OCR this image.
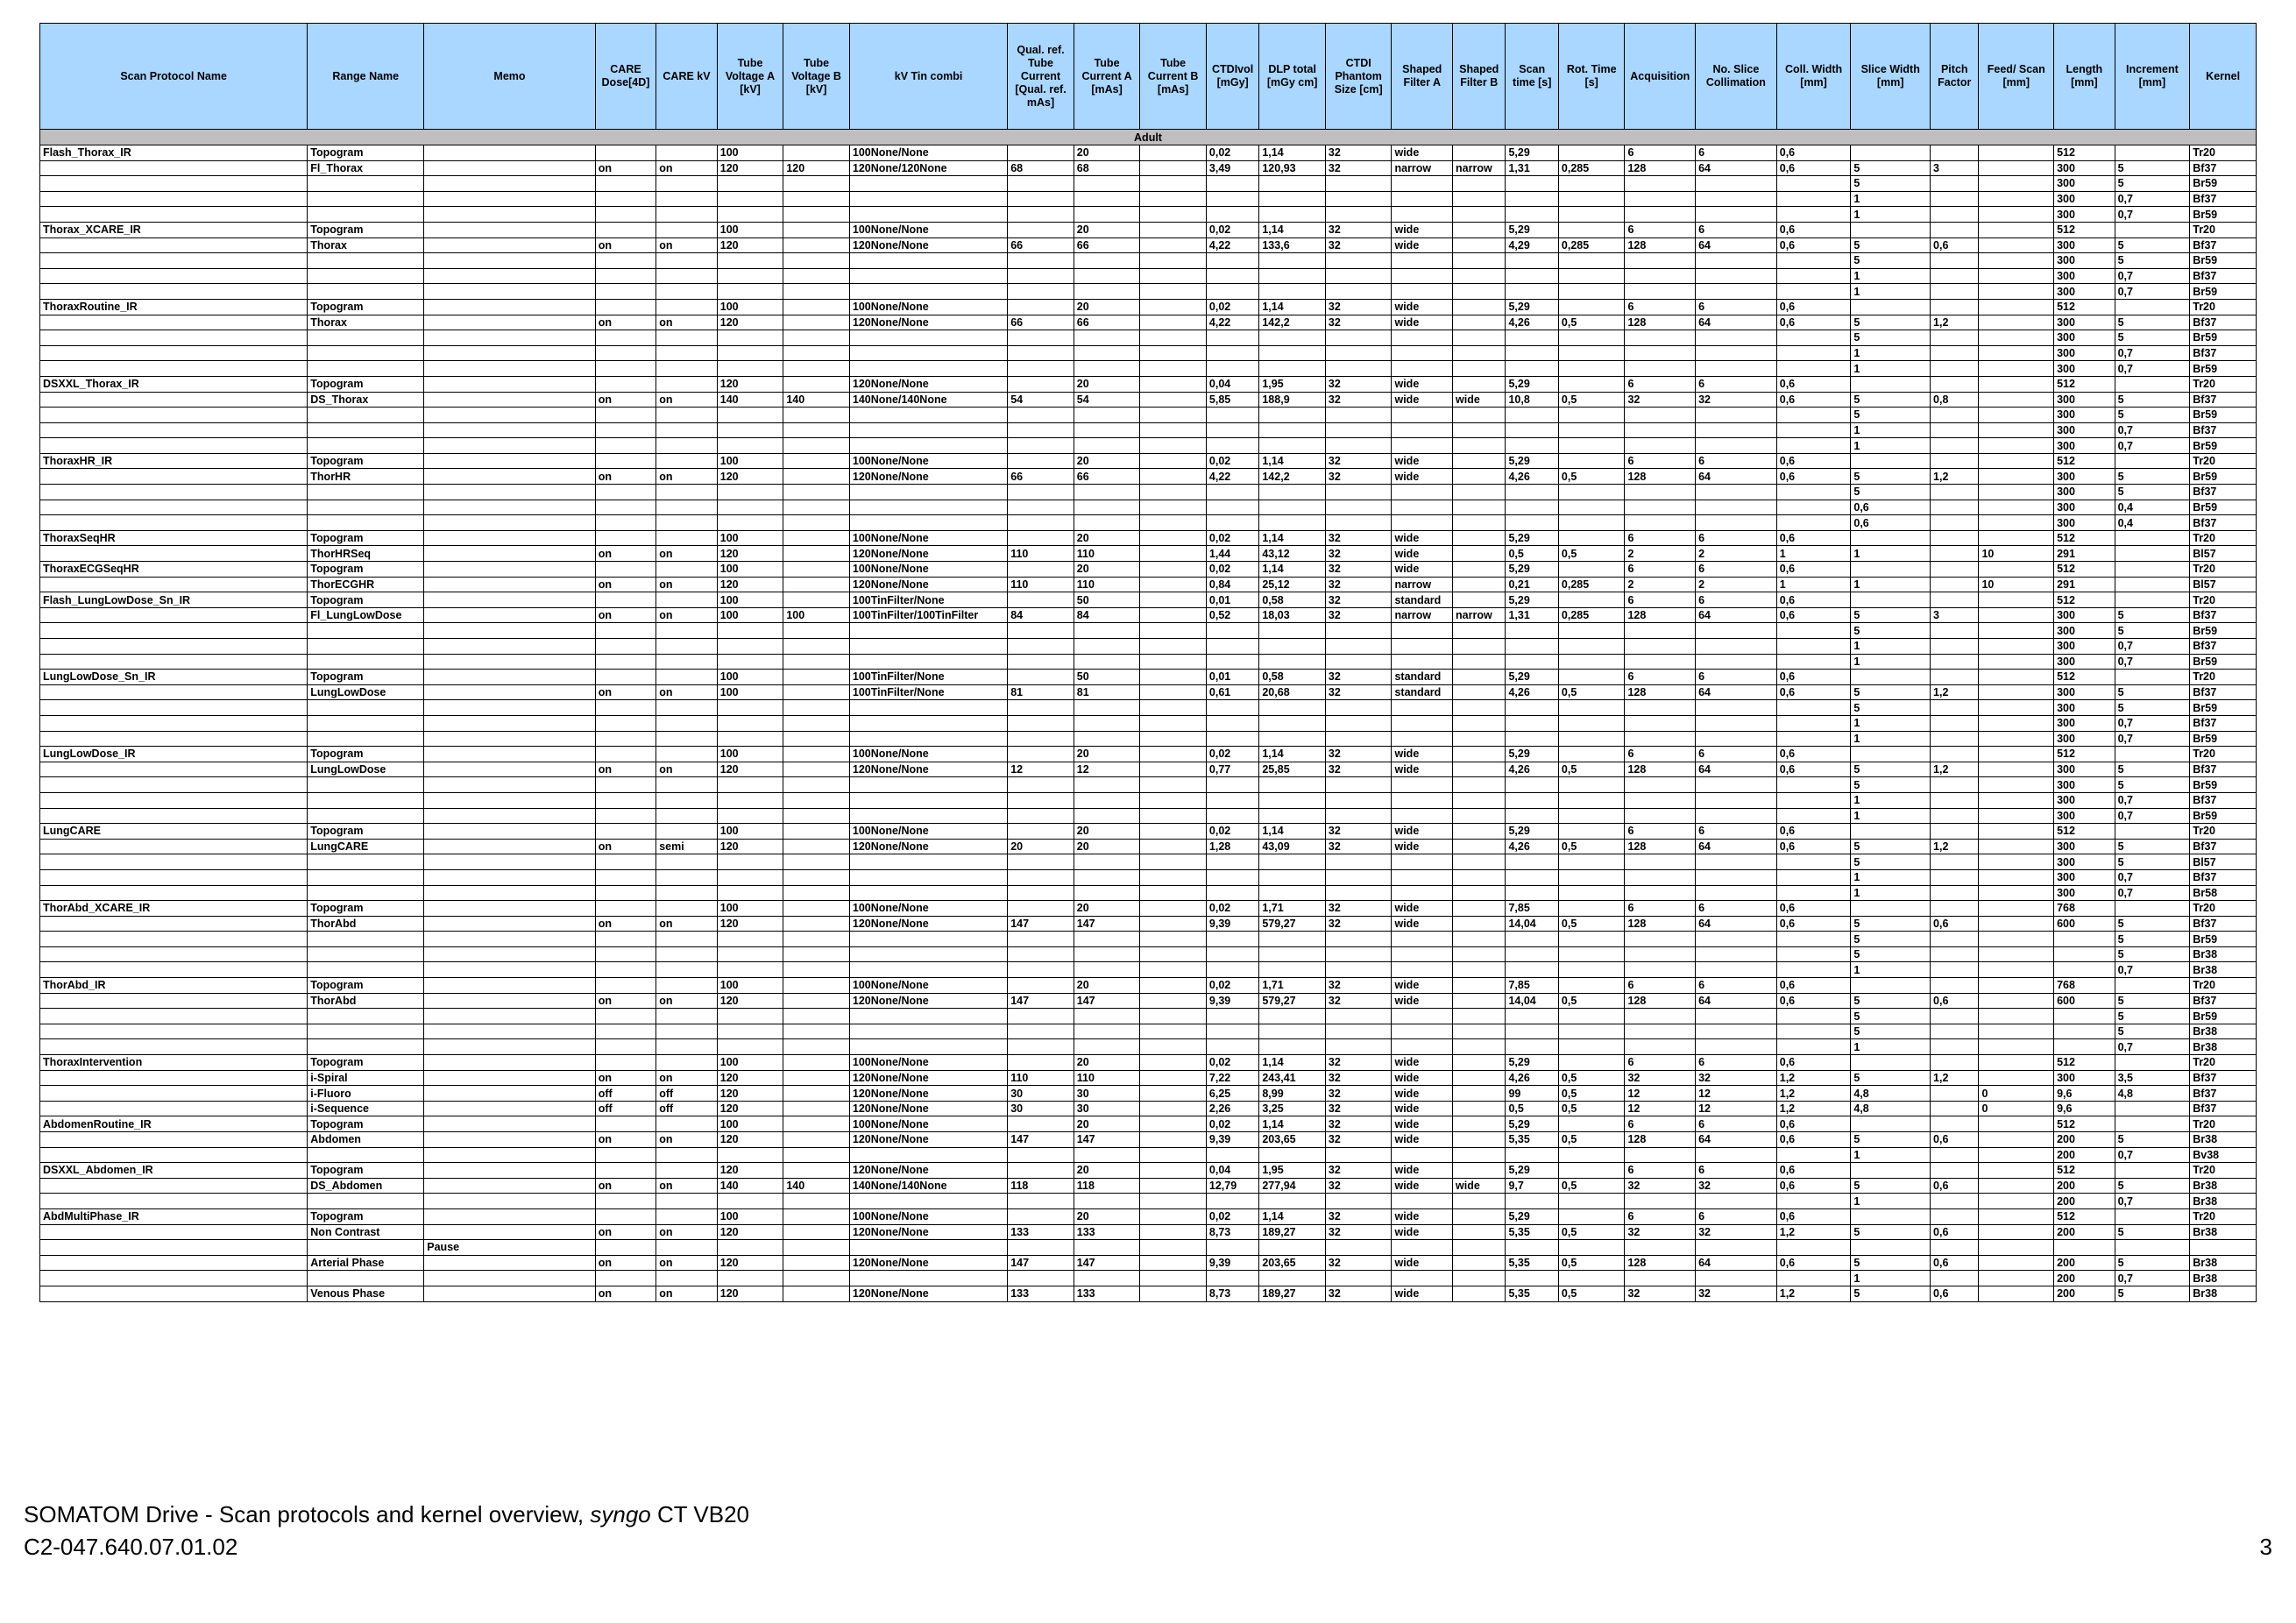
Scan Protocol Name	Range Name	Memo	CARE Dose[4D]	CARE kV	Tube Voltage A [kV]	Tube Voltage B [kV]	kV Tin combi	Qual. ref. Tube Current [Qual. ref. mAs]	Tube Current A [mAs]	Tube Current B [mAs]	CTDIvol [mGy]	DLP total [mGy cm]	CTDI Phantom Size [cm]	Shaped Filter A	Shaped Filter B	Scan time [s]	Rot. Time [s]	Acquisition	No. Slice Collimation	Coll. Width [mm]	Slice Width [mm]	Pitch Factor	Feed/ Scan [mm]	Length [mm]	Increment [mm]	Kernel
Adult																										
Flash_Thorax_IR	Topogram				100		100None/None		20		0,02	1,14	32	wide		5,29		6	6	0,6				512		Tr20
	Fl_Thorax		on	on	120	120	120None/120None	68	68		3,49	120,93	32	narrow	narrow	1,31	0,285	128	64	0,6	5	3		300	5	Bf37
																					5			300	5	Br59
																					1			300	0,7	Bf37
																					1			300	0,7	Br59
Thorax_XCARE_IR	Topogram				100		100None/None		20		0,02	1,14	32	wide		5,29		6	6	0,6				512		Tr20
	Thorax		on	on	120		120None/None	66	66		4,22	133,6	32	wide		4,29	0,285	128	64	0,6	5	0,6		300	5	Bf37
																					5			300	5	Br59
																					1			300	0,7	Bf37
																					1			300	0,7	Br59
ThoraxRoutine_IR	Topogram				100		100None/None		20		0,02	1,14	32	wide		5,29		6	6	0,6				512		Tr20
	Thorax		on	on	120		120None/None	66	66		4,22	142,2	32	wide		4,26	0,5	128	64	0,6	5	1,2		300	5	Bf37
																					5			300	5	Br59
																					1			300	0,7	Bf37
																					1			300	0,7	Br59
DSXXL_Thorax_IR	Topogram				120		120None/None		20		0,04	1,95	32	wide		5,29		6	6	0,6				512		Tr20
	DS_Thorax		on	on	140	140	140None/140None	54	54		5,85	188,9	32	wide	wide	10,8	0,5	32	32	0,6	5	0,8		300	5	Bf37
																					5			300	5	Br59
																					1			300	0,7	Bf37
																					1			300	0,7	Br59
ThoraxHR_IR	Topogram				100		100None/None		20		0,02	1,14	32	wide		5,29		6	6	0,6				512		Tr20
	ThorHR		on	on	120		120None/None	66	66		4,22	142,2	32	wide		4,26	0,5	128	64	0,6	5	1,2		300	5	Br59
																					5			300	5	Bf37
																					0,6			300	0,4	Br59
																					0,6			300	0,4	Bf37
ThoraxSeqHR	Topogram				100		100None/None		20		0,02	1,14	32	wide		5,29		6	6	0,6				512		Tr20
	ThorHRSeq		on	on	120		120None/None	110	110		1,44	43,12	32	wide		0,5	0,5	2	2	1	1		10	291		Bl57
ThoraxECGSeqHR	Topogram				100		100None/None		20		0,02	1,14	32	wide		5,29		6	6	0,6				512		Tr20
	ThorECGHR		on	on	120		120None/None	110	110		0,84	25,12	32	narrow		0,21	0,285	2	2	1	1		10	291		Bl57
Flash_LungLowDose_Sn_IR	Topogram				100		100TinFilter/None		50		0,01	0,58	32	standard		5,29		6	6	0,6				512		Tr20
	Fl_LungLowDose		on	on	100	100	100TinFilter/100TinFilter	84	84		0,52	18,03	32	narrow	narrow	1,31	0,285	128	64	0,6	5	3		300	5	Bf37
																					5			300	5	Br59
																					1			300	0,7	Bf37
																					1			300	0,7	Br59
LungLowDose_Sn_IR	Topogram				100		100TinFilter/None		50		0,01	0,58	32	standard		5,29		6	6	0,6				512		Tr20
	LungLowDose		on	on	100		100TinFilter/None	81	81		0,61	20,68	32	standard		4,26	0,5	128	64	0,6	5	1,2		300	5	Bf37
																					5			300	5	Br59
																					1			300	0,7	Bf37
																					1			300	0,7	Br59
LungLowDose_IR	Topogram				100		100None/None		20		0,02	1,14	32	wide		5,29		6	6	0,6				512		Tr20
	LungLowDose		on	on	120		120None/None	12	12		0,77	25,85	32	wide		4,26	0,5	128	64	0,6	5	1,2		300	5	Bf37
																					5			300	5	Br59
																					1			300	0,7	Bf37
																					1			300	0,7	Br59
LungCARE	Topogram				100		100None/None		20		0,02	1,14	32	wide		5,29		6	6	0,6				512		Tr20
	LungCARE		on	semi	120		120None/None	20	20		1,28	43,09	32	wide		4,26	0,5	128	64	0,6	5	1,2		300	5	Bf37
																					5			300	5	Bl57
																					1			300	0,7	Bf37
																					1			300	0,7	Br58
ThorAbd_XCARE_IR	Topogram				100		100None/None		20		0,02	1,71	32	wide		7,85		6	6	0,6				768		Tr20
	ThorAbd		on	on	120		120None/None	147	147		9,39	579,27	32	wide		14,04	0,5	128	64	0,6	5	0,6		600	5	Bf37
																					5				5	Br59
																					5				5	Br38
																					1				0,7	Br38
ThorAbd_IR	Topogram				100		100None/None		20		0,02	1,71	32	wide		7,85		6	6	0,6				768		Tr20
	ThorAbd		on	on	120		120None/None	147	147		9,39	579,27	32	wide		14,04	0,5	128	64	0,6	5	0,6		600	5	Bf37
																					5				5	Br59
																					5				5	Br38
																					1				0,7	Br38
ThoraxIntervention	Topogram				100		100None/None		20		0,02	1,14	32	wide		5,29		6	6	0,6				512		Tr20
	i-Spiral		on	on	120		120None/None	110	110		7,22	243,41	32	wide		4,26	0,5	32	32	1,2	5	1,2		300	3,5	Bf37
	i-Fluoro		off	off	120		120None/None	30	30		6,25	8,99	32	wide		99	0,5	12	12	1,2	4,8		0	9,6	4,8	Bf37
	i-Sequence		off	off	120		120None/None	30	30		2,26	3,25	32	wide		0,5	0,5	12	12	1,2	4,8		0	9,6		Bf37
AbdomenRoutine_IR	Topogram				100		100None/None		20		0,02	1,14	32	wide		5,29		6	6	0,6				512		Tr20
	Abdomen		on	on	120		120None/None	147	147		9,39	203,65	32	wide		5,35	0,5	128	64	0,6	5	0,6		200	5	Br38
																					1			200	0,7	Bv38
DSXXL_Abdomen_IR	Topogram				120		120None/None		20		0,04	1,95	32	wide		5,29		6	6	0,6				512		Tr20
	DS_Abdomen		on	on	140	140	140None/140None	118	118		12,79	277,94	32	wide	wide	9,7	0,5	32	32	0,6	5	0,6		200	5	Br38
																					1			200	0,7	Br38
AbdMultiPhase_IR	Topogram				100		100None/None		20		0,02	1,14	32	wide		5,29		6	6	0,6				512		Tr20
	Non Contrast		on	on	120		120None/None	133	133		8,73	189,27	32	wide		5,35	0,5	32	32	1,2	5	0,6		200	5	Br38
		Pause																								
	Arterial Phase		on	on	120		120None/None	147	147		9,39	203,65	32	wide		5,35	0,5	128	64	0,6	5	0,6		200	5	Br38
																					1			200	0,7	Br38
	Venous Phase		on	on	120		120None/None	133	133		8,73	189,27	32	wide		5,35	0,5	32	32	1,2	5	0,6		200	5	Br38
SOMATOM Drive - Scan protocols and kernel overview, syngo CT VB20
C2-047.640.07.01.02	3
